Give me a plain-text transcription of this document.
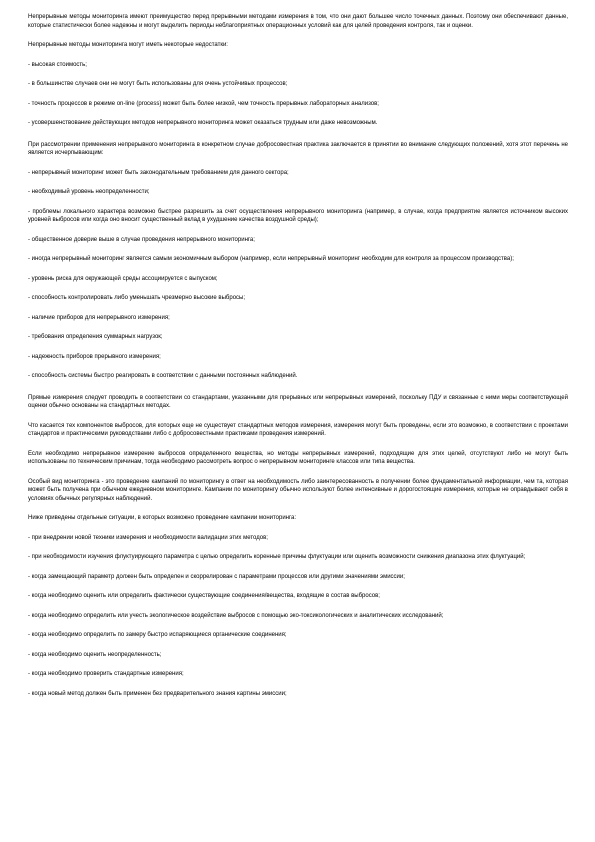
Непрерывные методы мониторинга имеют преимущество перед прерывными методами измерения в том, что они дают большее число точечных данных. Поэтому они обеспечивают данные, которые статистически более надежны и могут выделить периоды неблагоприятных операционных условий как для целей проведения контроля, так и оценки.

Непрерывные методы мониторинга могут иметь некоторые недостатки:

- высокая стоимость;

- в большинстве случаев они не могут быть использованы для очень устойчивых процессов;

- точность процессов в режиме on-line (process) может быть более низкой, чем точность прерывных лабораторных анализов;

- усовершенствование действующих методов непрерывного мониторинга может оказаться трудным или даже невозможным.

При рассмотрении применения непрерывного мониторинга в конкретном случае добросовестная практика заключается в принятии во внимание следующих положений, хотя этот перечень не является исчерпывающим:

- непрерывный мониторинг может быть законодательным требованием для данного сектора;

- необходимый уровень неопределенности;

- проблемы локального характера возможно быстрее разрешить за счет осуществления непрерывного мониторинга (например, в случае, когда предприятие является источником высоких уровней выбросов или когда оно вносит существенный вклад в ухудшение качества воздушной среды);

- общественное доверие выше в случае проведения непрерывного мониторинга;

- иногда непрерывный мониторинг является самым экономичным выбором (например, если непрерывный мониторинг необходим для контроля за процессом производства);

- уровень риска для окружающей среды ассоциируется с выпуском;

- способность контролировать либо уменьшать чрезмерно высокие выбросы;

- наличие приборов для непрерывного измерения;

- требования определения суммарных нагрузок;

- надежность приборов прерывного измерения;

- способность системы быстро реагировать в соответствии с данными постоянных наблюдений.

Прямые измерения следует проводить в соответствии со стандартами, указанными для прерывных или непрерывных измерений, поскольку ПДУ и связанные с ними меры соответствующей оценки обычно основаны на стандартных методах.

Что касается тех компонентов выбросов, для которых еще не существует стандартных методов измерения, измерения могут быть проведены, если это возможно, в соответствии с проектами стандартов и практическими руководствами либо с добросовестными практиками проведения измерений.

Если необходимо непрерывное измерение выбросов определенного вещества, но методы непрерывных измерений, подходящие для этих целей, отсутствуют либо не могут быть использованы по техническим причинам, тогда необходимо рассмотреть вопрос о непрерывном мониторинге классов или типа вещества.

Особый вид мониторинга - это проведение кампаний по мониторингу в ответ на необходимость либо заинтересованность в получении более фундаментальной информации, чем та, которая может быть получена при обычном ежедневном мониторинге. Кампании по мониторингу обычно используют более интенсивные и дорогостоящие измерения, которые не оправдывают себя в условиях обычных регулярных наблюдений.

Ниже приведены отдельные ситуации, в которых возможно проведение кампании мониторинга:

- при внедрении новой техники измерения и необходимости валидации этих методов;

- при необходимости изучения флуктуирующего параметра с целью определить коренные причины флуктуации или оценить возможности снижения диапазона этих флуктуаций;

- когда замещающий параметр должен быть определен и скоррелирован с параметрами процессов или другими значениями эмиссии;

- когда необходимо оценить или определить фактически существующие соединения/вещества, входящие в состав выбросов;

- когда необходимо определить или учесть экологическое воздействие выбросов с помощью эко-токсикологических и аналитических исследований;

- когда необходимо определить по замеру быстро испаряющиеся органические соединения;

- когда необходимо оценить неопределенность;

- когда необходимо проверить стандартные измерения;

- когда новый метод должен быть применен без предварительного знания картины эмиссии;
